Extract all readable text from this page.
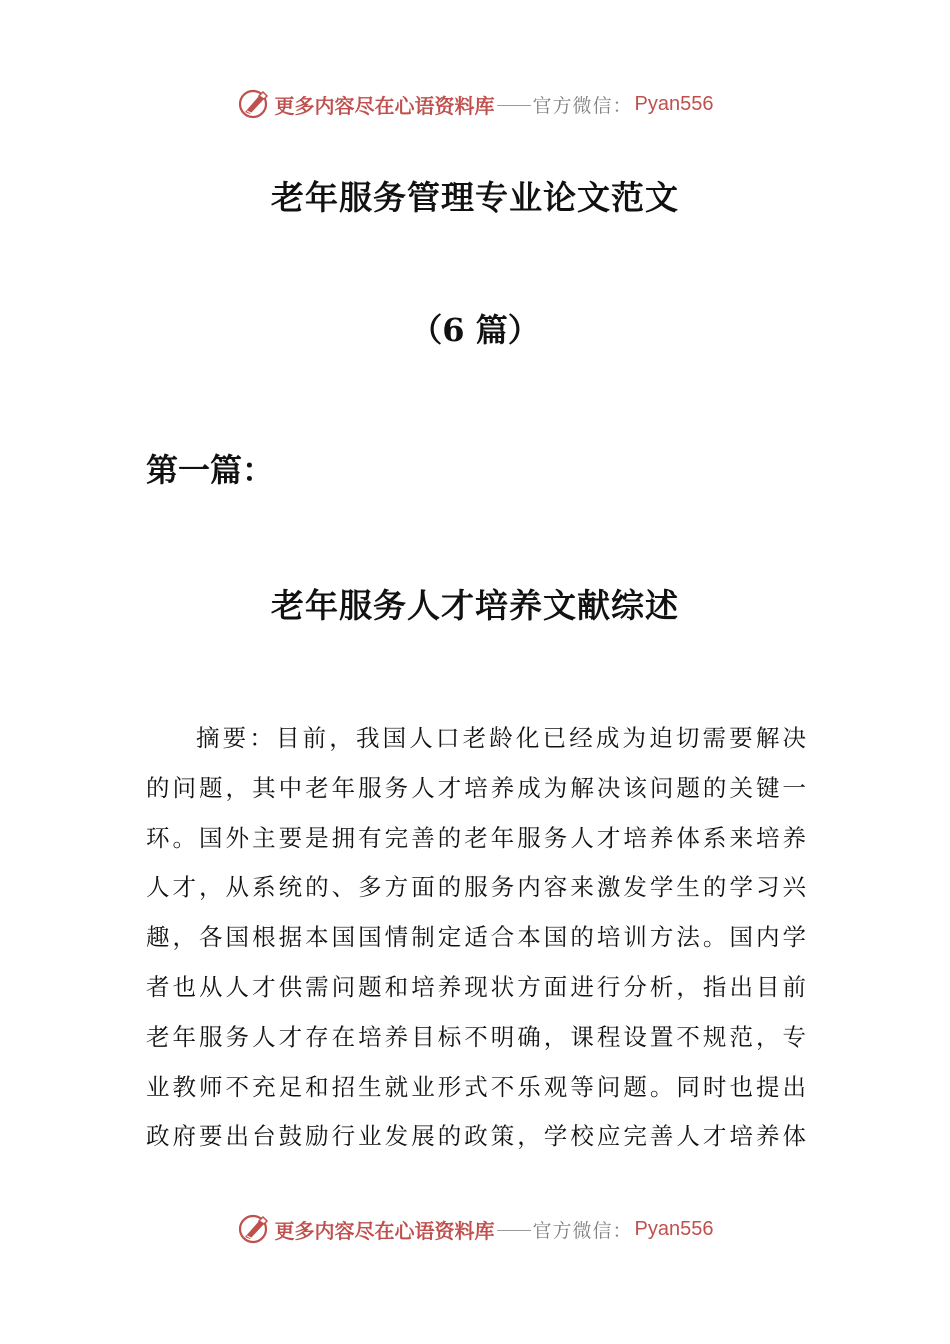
更多内容尽在心语资料库 官方微信： Pyan556
老年服务管理专业论文范文
（6 篇）
第一篇：
老年服务人才培养文献综述
摘要：目前，我国人口老龄化已经成为迫切需要解决
的问题，其中老年服务人才培养成为解决该问题的关键一
环。国外主要是拥有完善的老年服务人才培养体系来培养
人才，从系统的、多方面的服务内容来激发学生的学习兴
趣，各国根据本国国情制定适合本国的培训方法。国内学
者也从人才供需问题和培养现状方面进行分析，指出目前
老年服务人才存在培养目标不明确，课程设置不规范，专
业教师不充足和招生就业形式不乐观等问题。同时也提出
政府要出台鼓励行业发展的政策，学校应完善人才培养体
更多内容尽在心语资料库 官方微信： Pyan556
